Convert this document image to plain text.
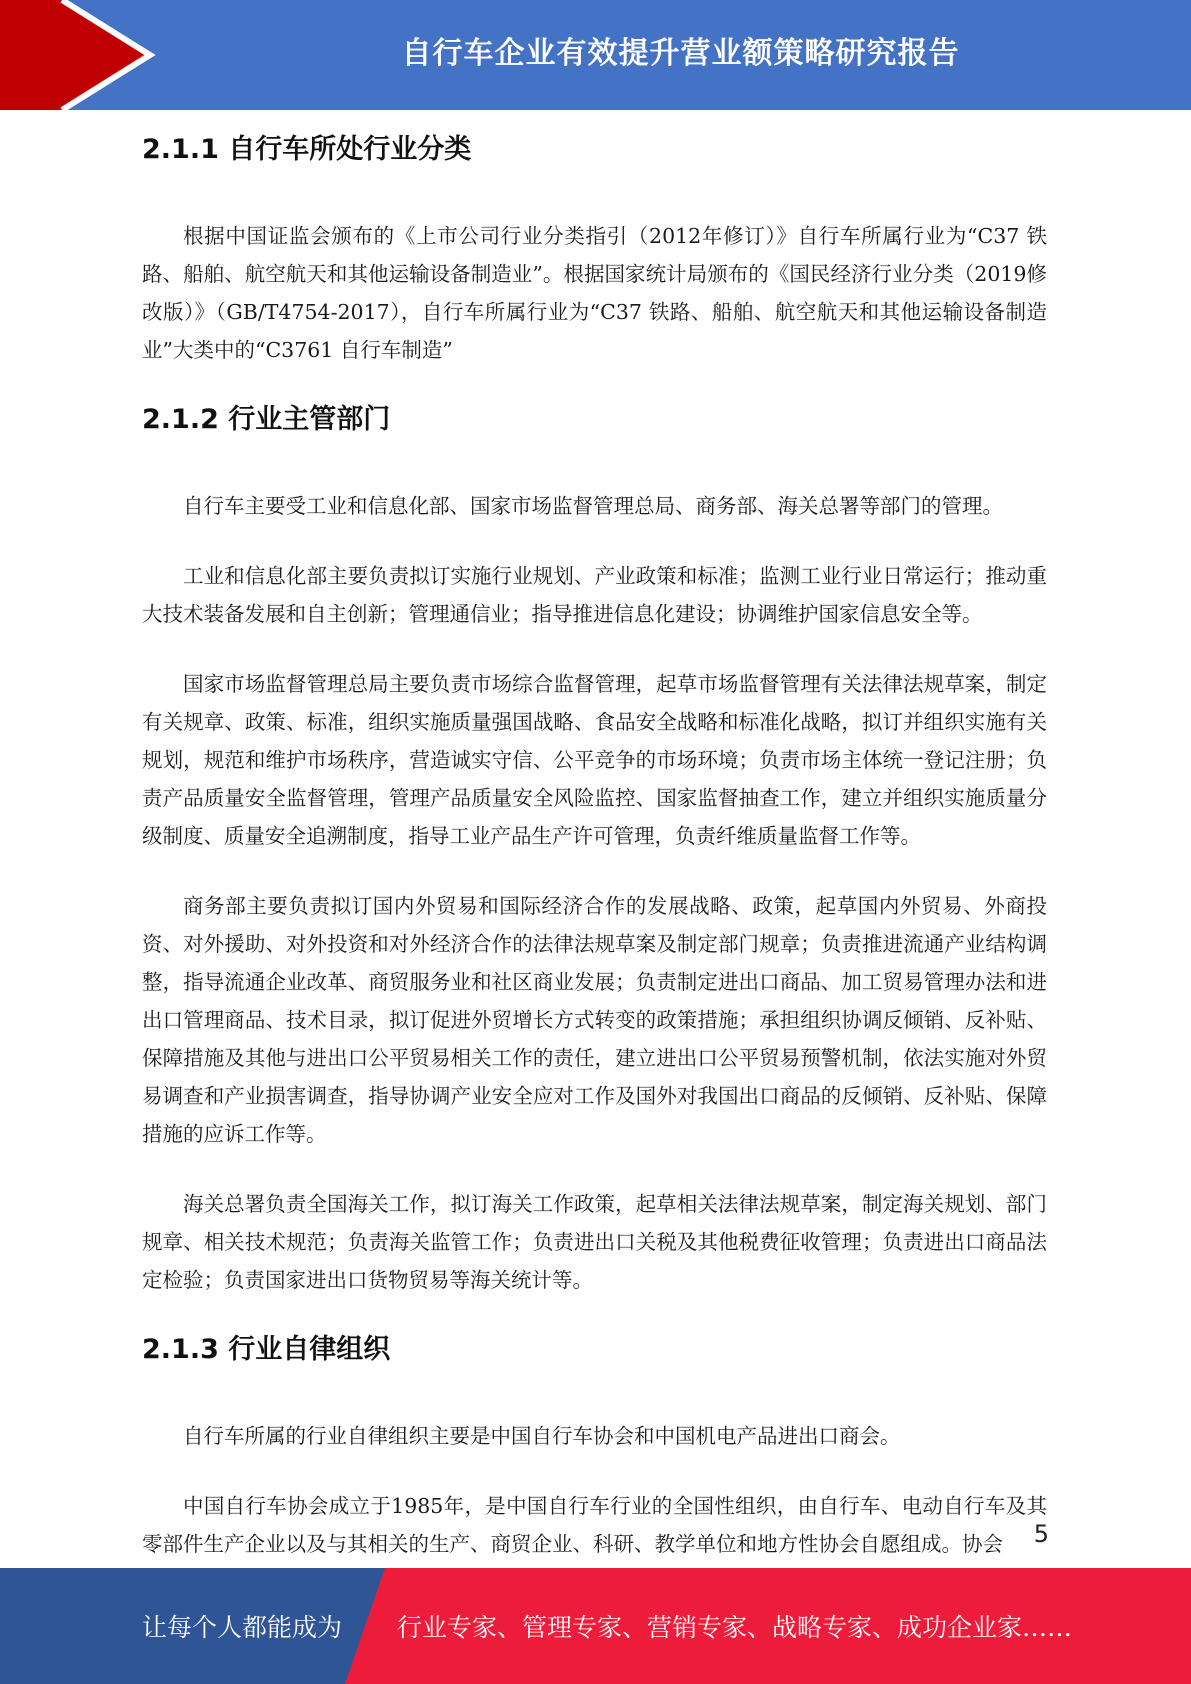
自行车企业有效提升营业额策略研究报告
2.1.1 自行车所处行业分类

根据中国证监会颁布的《上市公司行业分类指引（2012年修订）》自行车所属行业为“C37 铁路、船舶、航空航天和其他运输设备制造业”。根据国家统计局颁布的《国民经济行业分类（2019修改版）》（GB/T4754-2017），自行车所属行业为“C37 铁路、船舶、航空航天和其他运输设备制造业”大类中的“C3761 自行车制造”

2.1.2 行业主管部门

自行车主要受工业和信息化部、国家市场监督管理总局、商务部、海关总署等部门的管理。

工业和信息化部主要负责拟订实施行业规划、产业政策和标准；监测工业行业日常运行；推动重大技术装备发展和自主创新；管理通信业；指导推进信息化建设；协调维护国家信息安全等。

国家市场监督管理总局主要负责市场综合监督管理，起草市场监督管理有关法律法规草案，制定有关规章、政策、标准，组织实施质量强国战略、食品安全战略和标准化战略，拟订并组织实施有关规划，规范和维护市场秩序，营造诚实守信、公平竞争的市场环境；负责市场主体统一登记注册；负责产品质量安全监督管理，管理产品质量安全风险监控、国家监督抽查工作，建立并组织实施质量分级制度、质量安全追溯制度，指导工业产品生产许可管理，负责纤维质量监督工作等。

商务部主要负责拟订国内外贸易和国际经济合作的发展战略、政策，起草国内外贸易、外商投资、对外援助、对外投资和对外经济合作的法律法规草案及制定部门规章；负责推进流通产业结构调整，指导流通企业改革、商贸服务业和社区商业发展；负责制定进出口商品、加工贸易管理办法和进出口管理商品、技术目录，拟订促进外贸增长方式转变的政策措施；承担组织协调反倾销、反补贴、保障措施及其他与进出口公平贸易相关工作的责任，建立进出口公平贸易预警机制，依法实施对外贸易调查和产业损害调查，指导协调产业安全应对工作及国外对我国出口商品的反倾销、反补贴、保障措施的应诉工作等。

海关总署负责全国海关工作，拟订海关工作政策，起草相关法律法规草案，制定海关规划、部门规章、相关技术规范；负责海关监管工作；负责进出口关税及其他税费征收管理；负责进出口商品法定检验；负责国家进出口货物贸易等海关统计等。

2.1.3 行业自律组织

自行车所属的行业自律组织主要是中国自行车协会和中国机电产品进出口商会。

中国自行车协会成立于1985年，是中国自行车行业的全国性组织，由自行车、电动自行车及其零部件生产企业以及与其相关的生产、商贸企业、科研、教学单位和地方性协会自愿组成。协会	5
让每个人都能成为 行业专家、管理专家、营销专家、战略专家、成功企业家……
